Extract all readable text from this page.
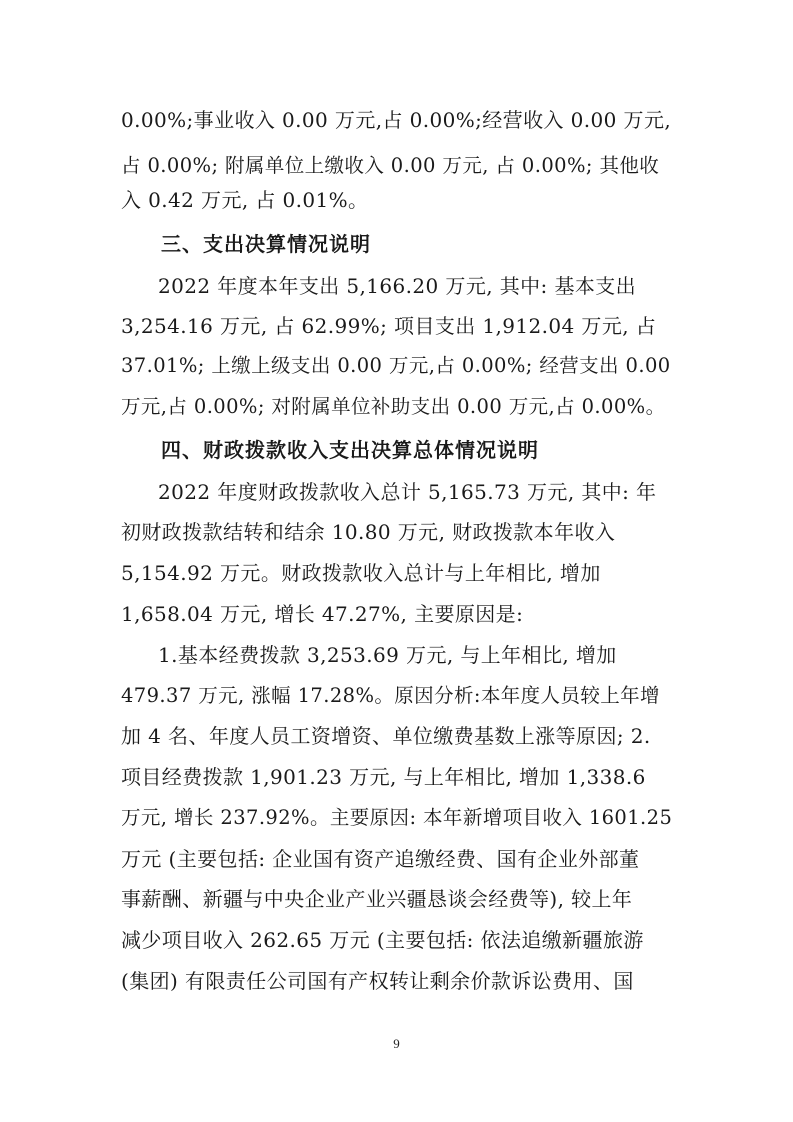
0.00%;事业收入 0.00 万元,占 0.00%;经营收入 0.00 万元,
占 0.00%; 附属单位上缴收入 0.00 万元, 占 0.00%; 其他收
入 0.42 万元, 占 0.01%。
三、支出决算情况说明
2022 年度本年支出 5,166.20 万元, 其中: 基本支出
3,254.16 万元, 占 62.99%; 项目支出 1,912.04 万元, 占
37.01%; 上缴上级支出 0.00 万元,占 0.00%; 经营支出 0.00
万元,占 0.00%; 对附属单位补助支出 0.00 万元,占 0.00%。
四、财政拨款收入支出决算总体情况说明
2022 年度财政拨款收入总计 5,165.73 万元, 其中: 年
初财政拨款结转和结余 10.80 万元, 财政拨款本年收入
5,154.92 万元。财政拨款收入总计与上年相比, 增加
1,658.04 万元, 增长 47.27%, 主要原因是:
1.基本经费拨款 3,253.69 万元, 与上年相比, 增加
479.37 万元, 涨幅 17.28%。原因分析:本年度人员较上年增
加 4 名、年度人员工资增资、单位缴费基数上涨等原因; 2.
项目经费拨款 1,901.23 万元, 与上年相比, 增加 1,338.6
万元, 增长 237.92%。主要原因: 本年新增项目收入 1601.25
万元 (主要包括: 企业国有资产追缴经费、国有企业外部董
事薪酬、新疆与中央企业产业兴疆恳谈会经费等), 较上年
减少项目收入 262.65 万元 (主要包括: 依法追缴新疆旅游
(集团) 有限责任公司国有产权转让剩余价款诉讼费用、国
9
